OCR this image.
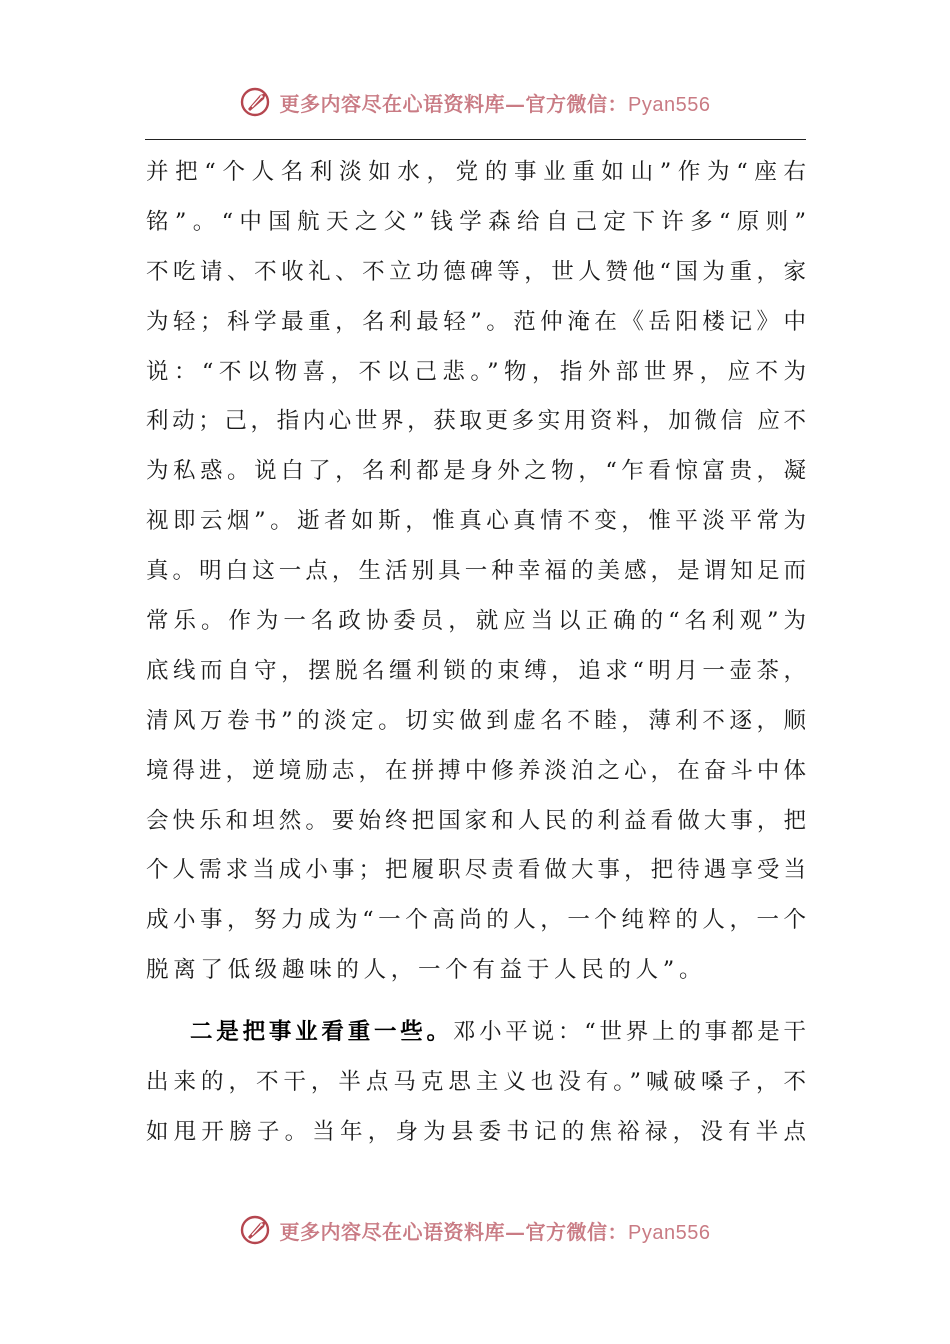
更多内容尽在心语资料库—官方微信：Pyan556
并把“个人名利淡如水，党的事业重如山”作为“座右
铭”。“中国航天之父”钱学森给自己定下许多“原则”
不吃请、不收礼、不立功德碑等，世人赞他“国为重，家
为轻；科学最重，名利最轻”。范仲淹在《岳阳楼记》中
说：“不以物喜，不以己悲。”物，指外部世界，应不为
利动；己，指内心世界，获取更多实用资料，加微信 应不
为私惑。说白了，名利都是身外之物，“乍看惊富贵，凝
视即云烟”。逝者如斯，惟真心真情不变，惟平淡平常为
真。明白这一点，生活别具一种幸福的美感，是谓知足而
常乐。作为一名政协委员，就应当以正确的“名利观”为
底线而自守，摆脱名缰利锁的束缚，追求“明月一壶茶，
清风万卷书”的淡定。切实做到虚名不睦，薄利不逐，顺
境得进，逆境励志，在拼搏中修养淡泊之心，在奋斗中体
会快乐和坦然。要始终把国家和人民的利益看做大事，把
个人需求当成小事；把履职尽责看做大事，把待遇享受当
成小事，努力成为“一个高尚的人，一个纯粹的人，一个
脱离了低级趣味的人，一个有益于人民的人”。
二是把事业看重一些。邓小平说：“世界上的事都是干
出来的，不干，半点马克思主义也没有。”喊破嗓子，不
如甩开膀子。当年，身为县委书记的焦裕禄，没有半点
更多内容尽在心语资料库—官方微信：Pyan556
